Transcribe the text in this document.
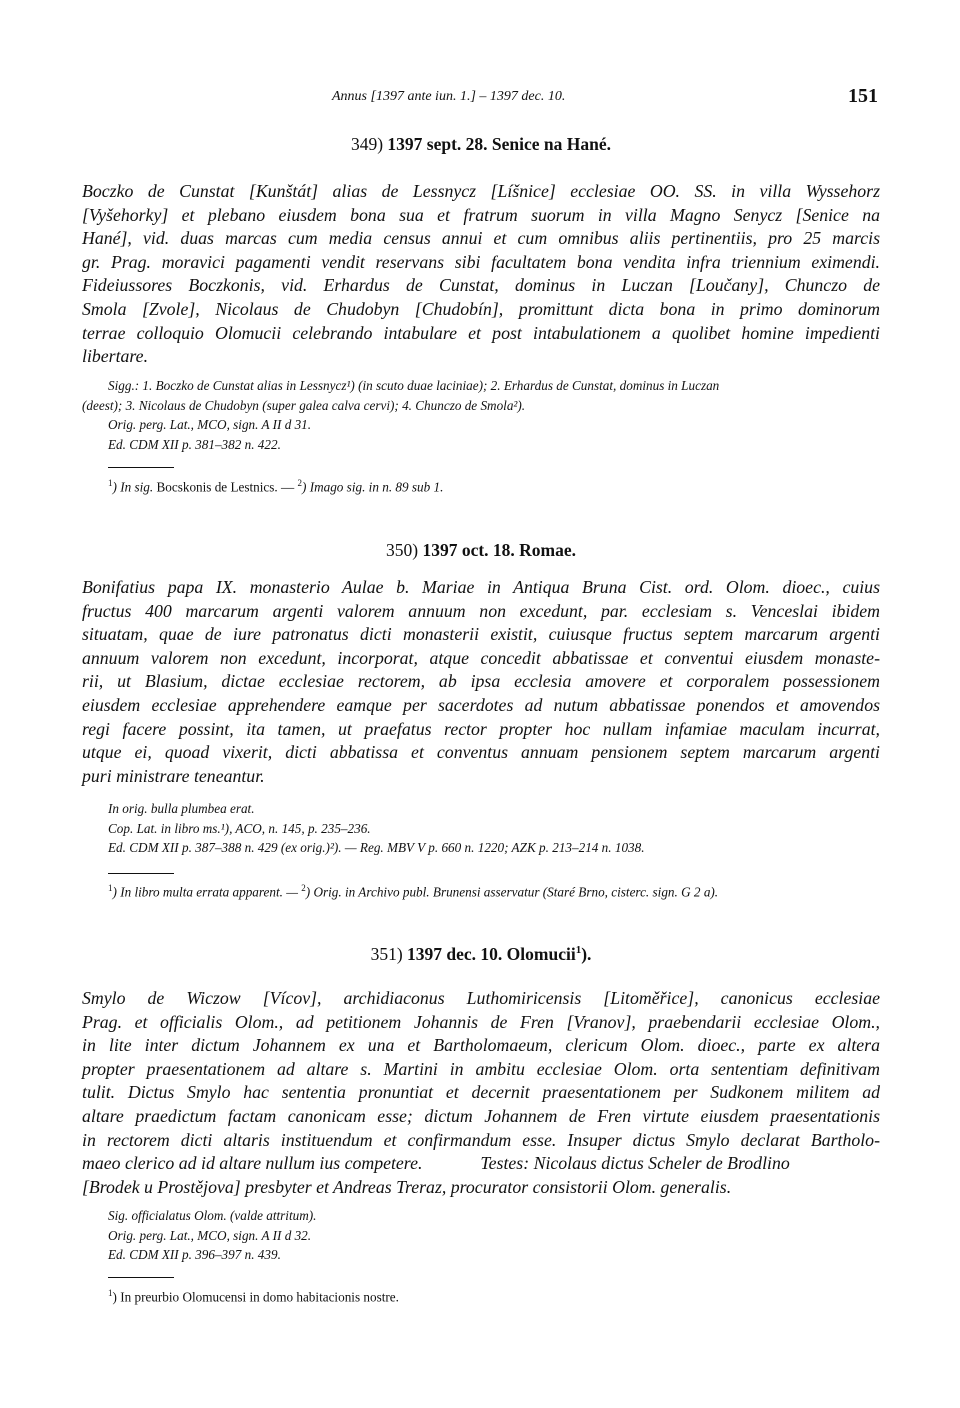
Annus [1397 ante iun. 1.] – 1397 dec. 10.	151
349) 1397 sept. 28. Senice na Hané.
Boczko de Cunstat [Kunštát] alias de Lessnycz [Líšnice] ecclesiae OO. SS. in villa Wyssehorz
[Vyšehorky] et plebano eiusdem bona sua et fratrum suorum in villa Magno Senycz [Senice na
Hané], vid. duas marcas cum media census annui et cum omnibus aliis pertinentiis, pro 25 marcis
gr. Prag. moravici pagamenti vendit reservans sibi facultatem bona vendita infra triennium eximendi.
Fideiussores Boczkonis, vid. Erhardus de Cunstat, dominus in Luczan [Loučany], Chunczo de
Smola [Zvole], Nicolaus de Chudobyn [Chudobín], promittunt dicta bona in primo dominorum
terrae colloquio Olomucii celebrando intabulare et post intabulationem a quolibet homine impedienti
libertare.
Sigg.: 1. Boczko de Cunstat alias in Lessnycz¹) (in scuto duae laciniae); 2. Erhardus de Cunstat, dominus in Luczan
(deest); 3. Nicolaus de Chudobyn (super galea calva cervi); 4. Chunczo de Smola²).
Orig. perg. Lat., MCO, sign. A II d 31.
Ed. CDM XII p. 381–382 n. 422.
$^1$) In sig. Bocskonis de Lestnics. — $^2$) Imago sig. in n. 89 sub 1.
350) 1397 oct. 18. Romae.
Bonifatius papa IX. monasterio Aulae b. Mariae in Antiqua Bruna Cist. ord. Olom. dioec., cuius
fructus 400 marcarum argenti valorem annuum non excedunt, par. ecclesiam s. Venceslai ibidem
situatam, quae de iure patronatus dicti monasterii existit, cuiusque fructus septem marcarum argenti
annuum valorem non excedunt, incorporat, atque concedit abbatissae et conventui eiusdem monaste-
rii, ut Blasium, dictae ecclesiae rectorem, ab ipsa ecclesia amovere et corporalem possessionem
eiusdem ecclesiae apprehendere eamque per sacerdotes ad nutum abbatissae ponendos et amovendos
regi facere possint, ita tamen, ut praefatus rector propter hoc nullam infamiae maculam incurrat,
utque ei, quoad vixerit, dicti abbatissa et conventus annuam pensionem septem marcarum argenti
puri ministrare teneantur.
In orig. bulla plumbea erat.
Cop. Lat. in libro ms.¹), ACO, n. 145, p. 235–236.
Ed. CDM XII p. 387–388 n. 429 (ex orig.)²). — Reg. MBV V p. 660 n. 1220; AZK p. 213–214 n. 1038.
$^1$) In libro multa errata apparent. — $^2$) Orig. in Archivo publ. Brunensi asservatur (Staré Brno, cisterc. sign. G 2 a).
351) 1397 dec. 10. Olomucii$^1$).
Smylo de Wiczow [Vícov], archidiaconus Luthomiricensis [Litoměřice], canonicus ecclesiae
Prag. et officialis Olom., ad petitionem Johannis de Fren [Vranov], praebendarii ecclesiae Olom.,
in lite inter dictum Johannem ex una et Bartholomaeum, clericum Olom. dioec., parte ex altera
propter praesentationem ad altare s. Martini in ambitu ecclesiae Olom. orta sententiam definitivam
tulit. Dictus Smylo hac sententia pronuntiat et decernit praesentationem per Sudkonem militem ad
altare praedictum factam canonicam esse; dictum Johannem de Fren virtute eiusdem praesentationis
in rectorem dicti altaris instituendum et confirmandum esse. Insuper dictus Smylo declarat Bartholo-
maeo clerico ad id altare nullum ius competere.	Testes: Nicolaus dictus Scheler de Brodlino
[Brodek u Prostějova] presbyter et Andreas Treraz, procurator consistorii Olom. generalis.
Sig. officialatus Olom. (valde attritum).
Orig. perg. Lat., MCO, sign. A II d 32.
Ed. CDM XII p. 396–397 n. 439.
$^1$) In preurbio Olomucensi in domo habitacionis nostre.
